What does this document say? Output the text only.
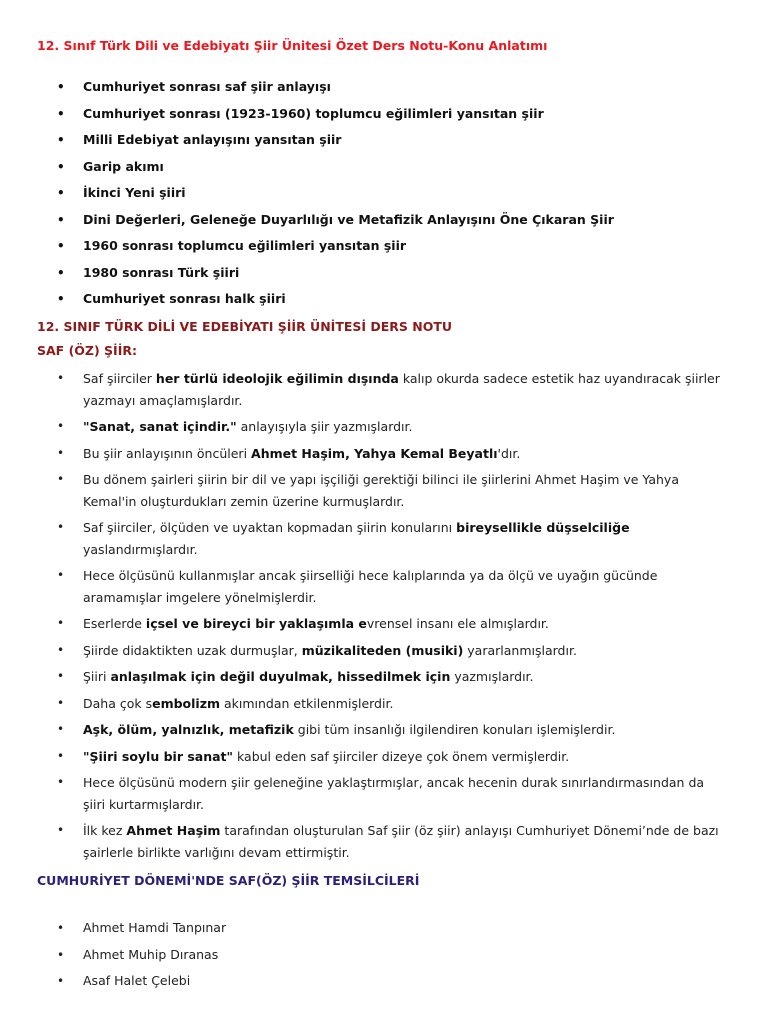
12. Sınıf Türk Dili ve Edebiyatı Şiir Ünitesi Özet Ders Notu-Konu Anlatımı
• Cumhuriyet sonrası saf şiir anlayışı
• Cumhuriyet sonrası (1923-1960) toplumcu eğilimleri yansıtan şiir
• Milli Edebiyat anlayışını yansıtan şiir
• Garip akımı
• İkinci Yeni şiiri
• Dini Değerleri, Geleneğe Duyarlılığı ve Metafizik Anlayışını Öne Çıkaran Şiir
• 1960 sonrası toplumcu eğilimleri yansıtan şiir
• 1980 sonrası Türk şiiri
• Cumhuriyet sonrası halk şiiri
12. SINIF TÜRK DİLİ VE EDEBİYATI ŞİİR ÜNİTESİ DERS NOTU
SAF (ÖZ) ŞİİR:
• Saf şiirciler her türlü ideolojik eğilimin dışında kalıp okurda sadece estetik haz uyandıracak şiirler yazmayı amaçlamışlardır.
• "Sanat, sanat içindir." anlayışıyla şiir yazmışlardır.
• Bu şiir anlayışının öncüleri Ahmet Haşim, Yahya Kemal Beyatlı'dır.
• Bu dönem şairleri şiirin bir dil ve yapı işçiliği gerektiği bilinci ile şiirlerini Ahmet Haşim ve Yahya Kemal'in oluşturdukları zemin üzerine kurmuşlardır.
• Saf şiirciler, ölçüden ve uyaktan kopmadan şiirin konularını bireysellikle düşselciliğe yaslandırmışlardır.
• Hece ölçüsünü kullanmışlar ancak şiirselliği hece kalıplarında ya da ölçü ve uyağın gücünde aramamışlar imgelere yönelmişlerdir.
• Eserlerde içsel ve bireyci bir yaklaşımla evrensel insanı ele almışlardır.
• Şiirde didaktikten uzak durmuşlar, müzikaliteden (musiki) yararlanmışlardır.
• Şiiri anlaşılmak için değil duyulmak, hissedilmek için yazmışlardır.
• Daha çok sembolizm akımından etkilenmişlerdir.
• Aşk, ölüm, yalnızlık, metafizik gibi tüm insanlığı ilgilendiren konuları işlemişlerdir.
• "Şiiri soylu bir sanat" kabul eden saf şiirciler dizeye çok önem vermişlerdir.
• Hece ölçüsünü modern şiir geleneğine yaklaştırmışlar, ancak hecenin durak sınırlandırmasından da şiiri kurtarmışlardır.
• İlk kez Ahmet Haşim tarafından oluşturulan Saf şiir (öz şiir) anlayışı Cumhuriyet Dönemi’nde de bazı şairlerle birlikte varlığını devam ettirmiştir.
CUMHURİYET DÖNEMİ'NDE SAF(ÖZ) ŞİİR TEMSİLCİLERİ
• Ahmet Hamdi Tanpınar
• Ahmet Muhip Dıranas
• Asaf Halet Çelebi
